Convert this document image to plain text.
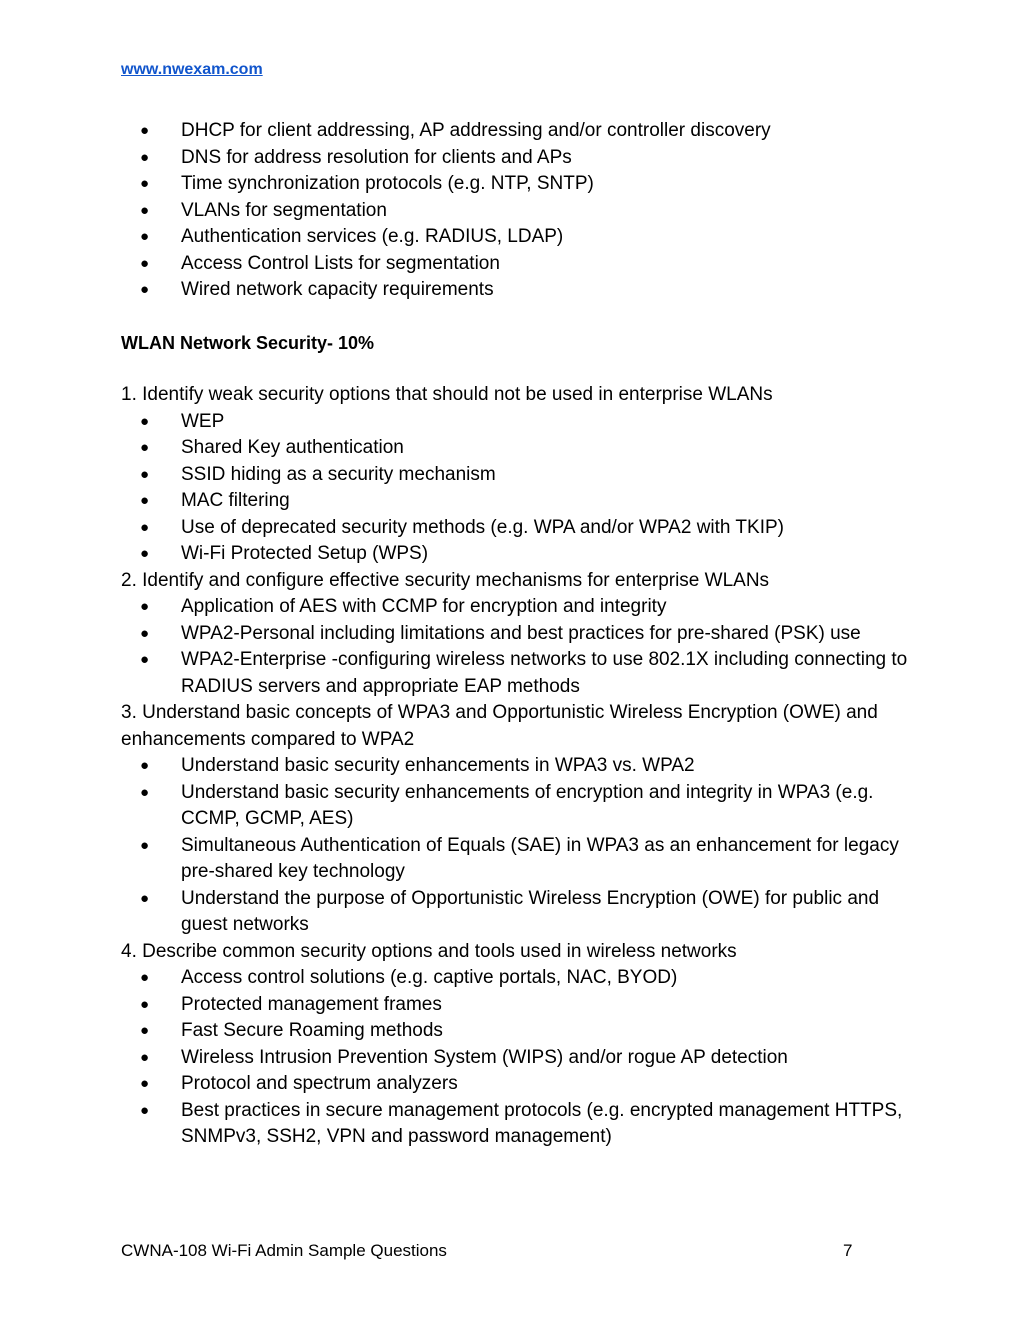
www.nwexam.com
● DHCP for client addressing, AP addressing and/or controller discovery
● DNS for address resolution for clients and APs
● Time synchronization protocols (e.g. NTP, SNTP)
● VLANs for segmentation
● Authentication services (e.g. RADIUS, LDAP)
● Access Control Lists for segmentation
● Wired network capacity requirements
WLAN Network Security- 10%

1. Identify weak security options that should not be used in enterprise WLANs

● WEP
● Shared Key authentication
● SSID hiding as a security mechanism
● MAC filtering
● Use of deprecated security methods (e.g. WPA and/or WPA2 with TKIP)
● Wi-Fi Protected Setup (WPS)

2. Identify and configure effective security mechanisms for enterprise WLANs

● Application of AES with CCMP for encryption and integrity
● WPA2-Personal including limitations and best practices for pre-shared (PSK) use
● WPA2-Enterprise -configuring wireless networks to use 802.1X including connecting to RADIUS servers and appropriate EAP methods

3. Understand basic concepts of WPA3 and Opportunistic Wireless Encryption (OWE) and enhancements compared to WPA2

● Understand basic security enhancements in WPA3 vs. WPA2
● Understand basic security enhancements of encryption and integrity in WPA3 (e.g. CCMP, GCMP, AES)
● Simultaneous Authentication of Equals (SAE) in WPA3 as an enhancement for legacy pre-shared key technology
● Understand the purpose of Opportunistic Wireless Encryption (OWE) for public and guest networks

4. Describe common security options and tools used in wireless networks

● Access control solutions (e.g. captive portals, NAC, BYOD)
● Protected management frames
● Fast Secure Roaming methods
● Wireless Intrusion Prevention System (WIPS) and/or rogue AP detection
● Protocol and spectrum analyzers
● Best practices in secure management protocols (e.g. encrypted management HTTPS, SNMPv3, SSH2, VPN and password management)
CWNA-108 Wi-Fi Admin Sample Questions	7
